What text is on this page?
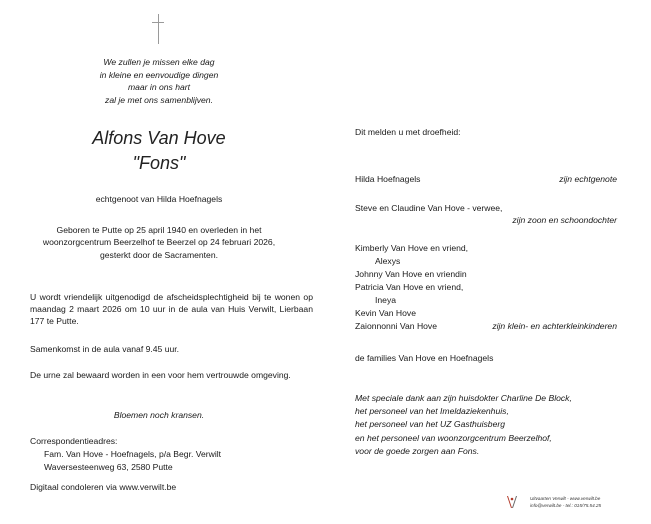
We zullen je missen elke dag
in kleine en eenvoudige dingen
maar in ons hart
zal je met ons samenblijven.
Alfons Van Hove
"Fons"
echtgenoot van Hilda Hoefnagels
Geboren te Putte op 25 april 1940 en overleden in het
woonzorgcentrum Beerzelhof te Beerzel op 24 februari 2026,
gesterkt door de Sacramenten.
U wordt vriendelijk uitgenodigd de afscheidsplechtigheid bij te wonen op maandag 2 maart 2026 om 10 uur in de aula van Huis Verwilt, Lierbaan 177 te Putte.
Samenkomst in de aula vanaf 9.45 uur.
De urne zal bewaard worden in een voor hem vertrouwde omgeving.
Bloemen noch kransen.
Correspondentieadres:
Fam. Van Hove - Hoefnagels, p/a Begr. Verwilt
Waversesteenweg 63, 2580 Putte
Digitaal condoleren via www.verwilt.be
Dit melden u met droefheid:
Hilda Hoefnagels	zijn echtgenote
Steve en Claudine Van Hove - verwee,
zijn zoon en schoondochter
Kimberly Van Hove en vriend,
Alexys
Johnny Van Hove en vriendin
Patricia Van Hove en vriend,
Ineya
Kevin Van Hove
Zaionnonni Van Hove	zijn klein- en achterkleinkinderen
de families Van Hove en Hoefnagels
Met speciale dank aan zijn huisdokter Charline De Block,
het personeel van het Imeldaziekenhuis,
het personeel van het UZ Gasthuisberg
en het personeel van woonzorgcentrum Beerzelhof,
voor de goede zorgen aan Fons.
Uitvaarten Verwilt - www.verwilt.be
info@verwilt.be - tel.: 015/75.54.25
